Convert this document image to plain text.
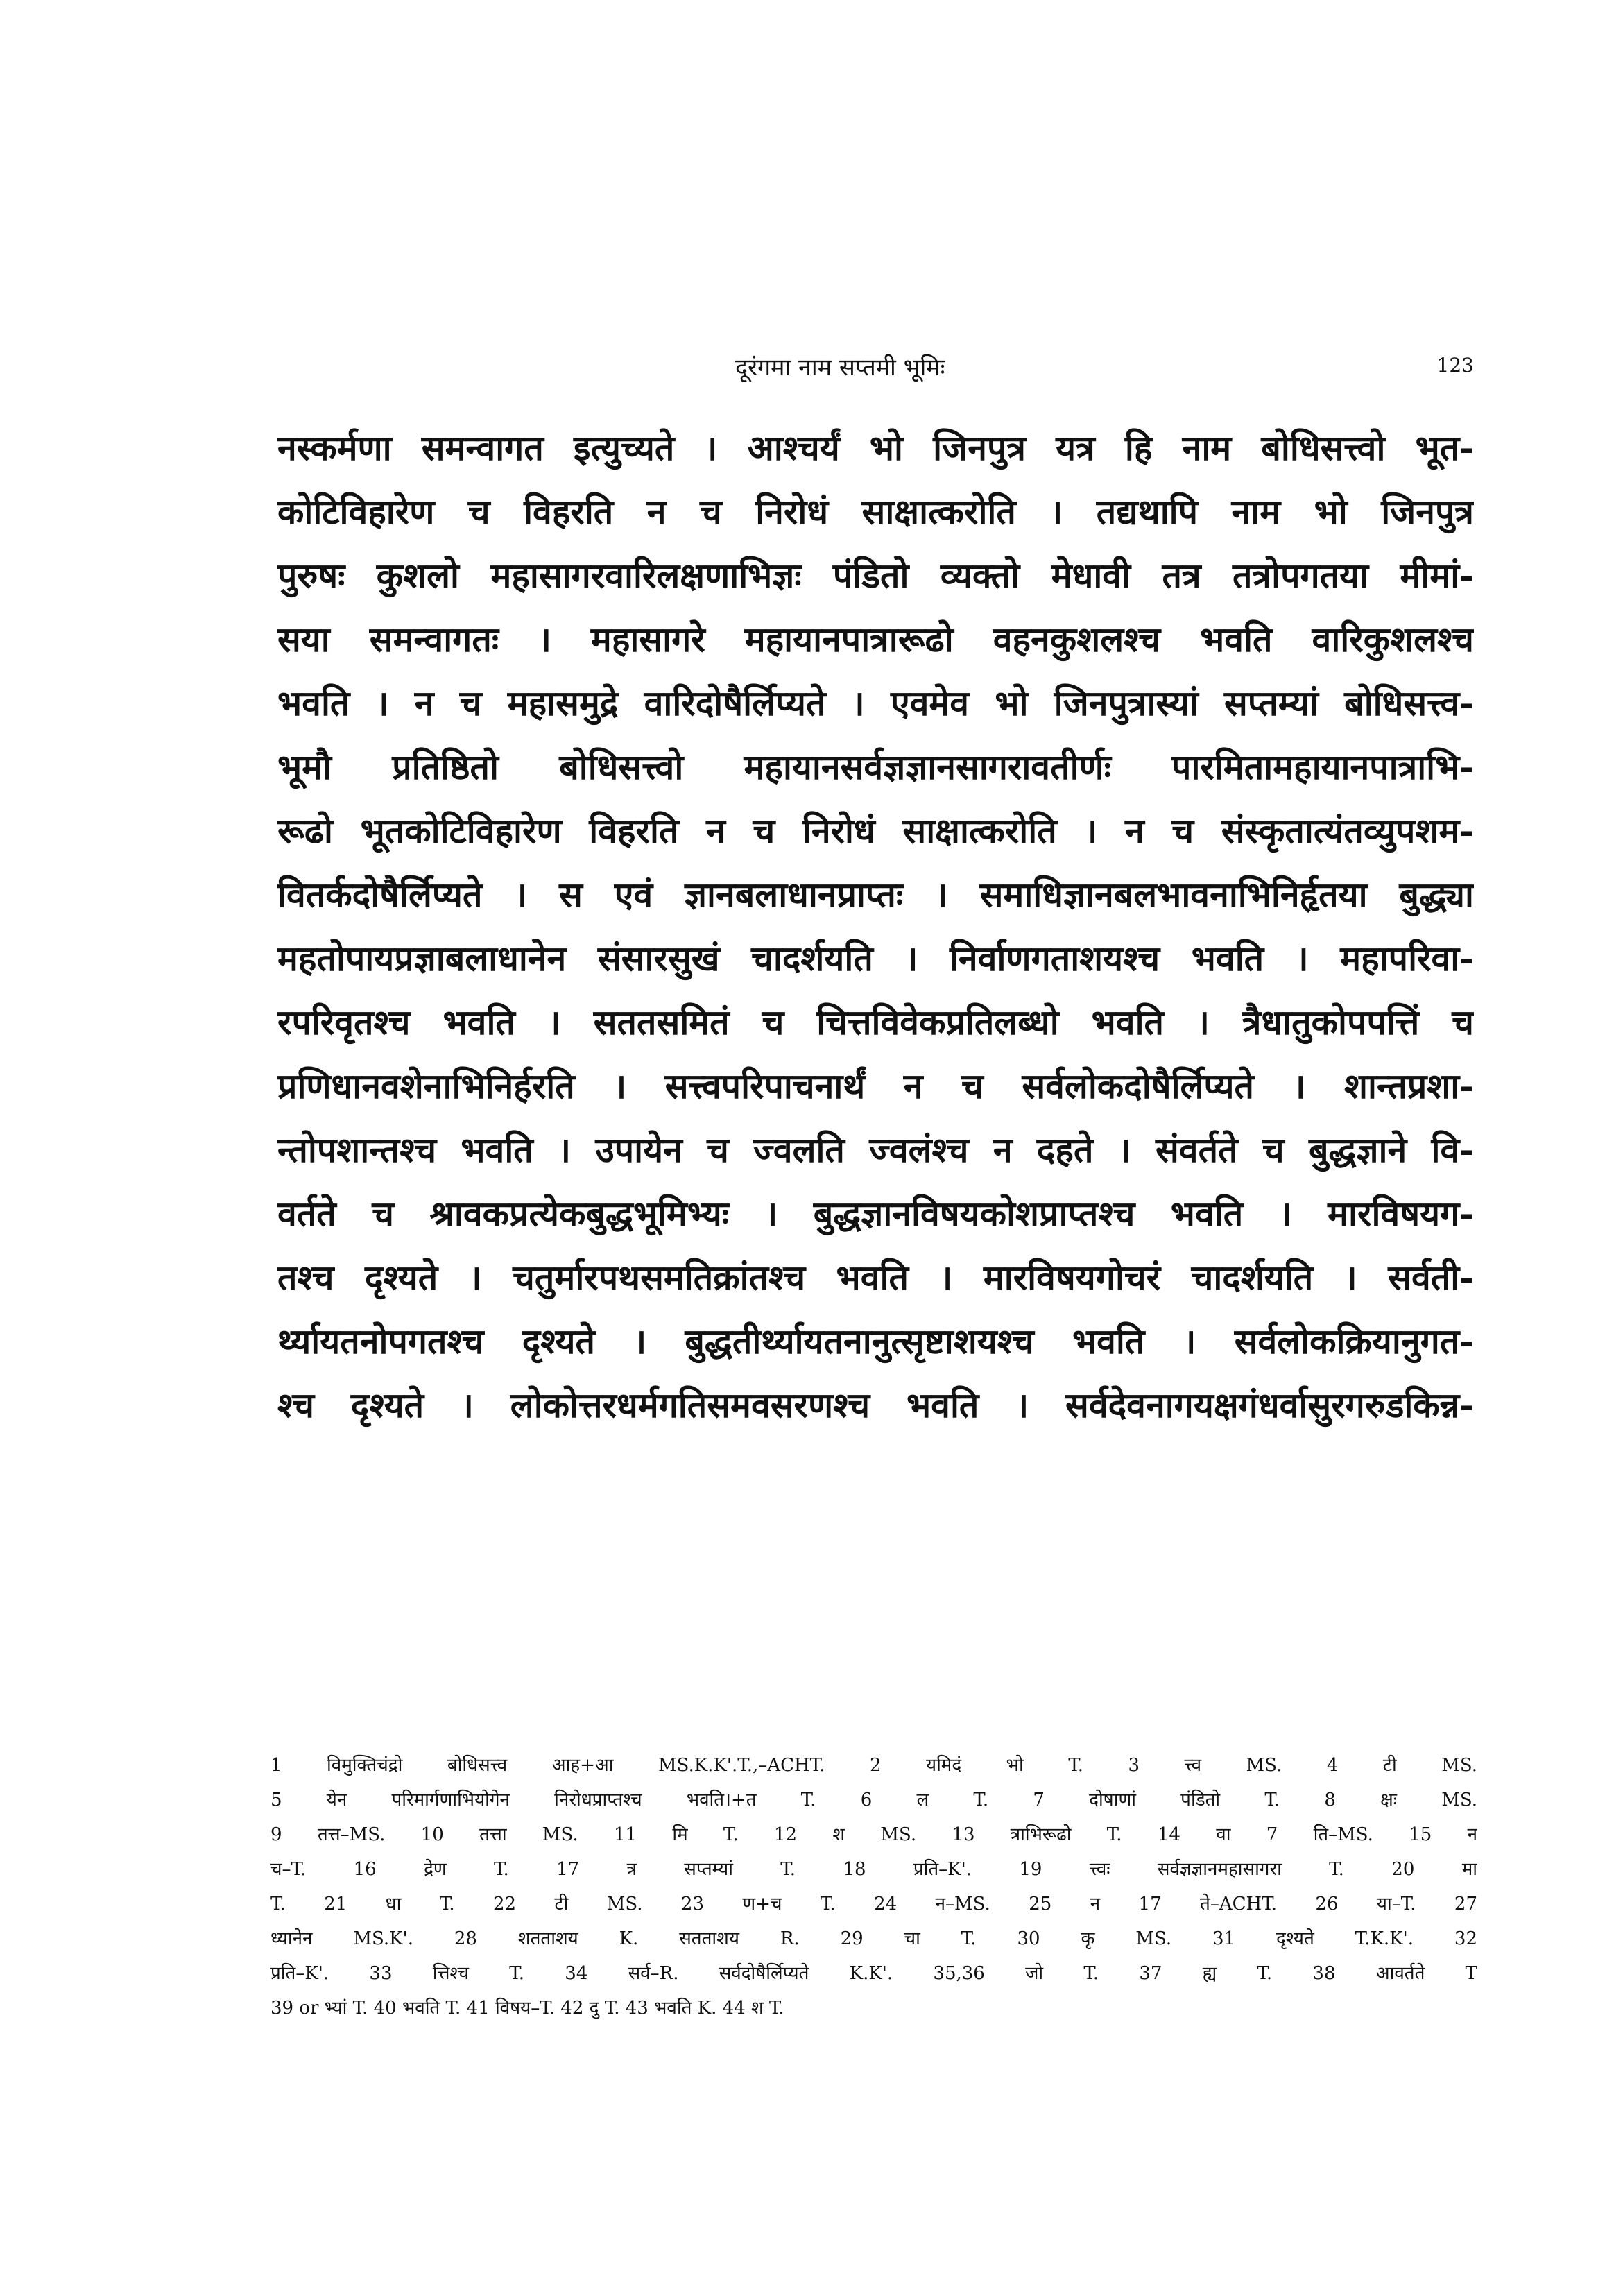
दूरंगमा नाम सप्तमी भूमिः	123
नस्कर्मणा समन्वागत इत्युच्यते । आश्चर्यं भो जिनपुत्र यत्र हि नाम बोधिसत्त्वो भूत-
कोटिविहारेण च विहरति न च निरोधं साक्षात्करोति । तद्यथापि नाम भो जिनपुत्र
पुरुषः कुशलो महासागरवारिलक्षणाभिज्ञः पंडितो व्यक्तो मेधावी तत्र तत्रोपगतया मीमां-
सया समन्वागतः । महासागरे महायानपात्रारूढो वहनकुशलश्च भवति वारिकुशलश्च
भवति । न च महासमुद्रे वारिदोषैर्लिप्यते । एवमेव भो जिनपुत्रास्यां सप्तम्यां बोधिसत्त्व-
भूमौ प्रतिष्ठितो बोधिसत्त्वो महायानसर्वज्ञज्ञानसागरावतीर्णः पारमितामहायानपात्राभि-
रूढो भूतकोटिविहारेण विहरति न च निरोधं साक्षात्करोति । न च संस्कृतात्यंतव्युपशम-
वितर्कदोषैर्लिप्यते । स एवं ज्ञानबलाधानप्राप्तः । समाधिज्ञानबलभावनाभिनिर्हृतया बुद्ध्या
महतोपायप्रज्ञाबलाधानेन संसारसुखं चादर्शयति । निर्वाणगताशयश्च भवति । महापरिवा-
रपरिवृतश्च भवति । सततसमितं च चित्तविवेकप्रतिलब्धो भवति । त्रैधातुकोपपत्तिं च
प्रणिधानवशेनाभिनिर्हरति । सत्त्वपरिपाचनार्थं न च सर्वलोकदोषैर्लिप्यते । शान्तप्रशा-
न्तोपशान्तश्च भवति । उपायेन च ज्वलति ज्वलंश्च न दहते । संवर्तते च बुद्धज्ञाने वि-
वर्तते च श्रावकप्रत्येकबुद्धभूमिभ्यः । बुद्धज्ञानविषयकोशप्राप्तश्च भवति । मारविषयग-
तश्च दृश्यते । चतुर्मारपथसमतिक्रांतश्च भवति । मारविषयगोचरं चादर्शयति । सर्वती-
र्थ्यायतनोपगतश्च दृश्यते । बुद्धतीर्थ्यायतनानुत्सृष्टाशयश्च भवति । सर्वलोकक्रियानुगत-
श्च दृश्यते । लोकोत्तरधर्मगतिसमवसरणश्च भवति । सर्वदेवनागयक्षगंधर्वासुरगरुडकिन्न-
1 विमुक्तिचंद्रो बोधिसत्त्व आह+आ MS.K.K'.T.,–ACHT. 2 यमिदं भो T. 3 त्त्व MS. 4 टी MS.
5 येन परिमार्गणाभियोगेन निरोधप्राप्तश्च भवति।+त T. 6 ल T. 7 दोषाणां पंडितो T. 8 क्षः MS.
9 तत्त–MS. 10 तत्ता MS. 11 मि T. 12 श MS. 13 त्राभिरूढो T. 14 वा 7 ति–MS. 15 न
च–T. 16 द्रेण T. 17 त्र सप्तम्यां T. 18 प्रति–K'. 19 त्त्वः सर्वज्ञज्ञानमहासागरा T. 20 मा
T. 21 धा T. 22 टी MS. 23 ण+च T. 24 न–MS. 25 न 17 ते–ACHT. 26 या–T. 27
ध्यानेन MS.K'. 28 शतताशय K. सतताशय R. 29 चा T. 30 कृ MS. 31 दृश्यते T.K.K'. 32
प्रति–K'. 33 त्तिश्च T. 34 सर्व–R. सर्वदोषैर्लिप्यते K.K'. 35,36 जो T. 37 ह्य T. 38 आवर्तते T
39 or भ्यां T. 40 भवति T. 41 विषय–T. 42 दु T. 43 भवति K. 44 श T.
